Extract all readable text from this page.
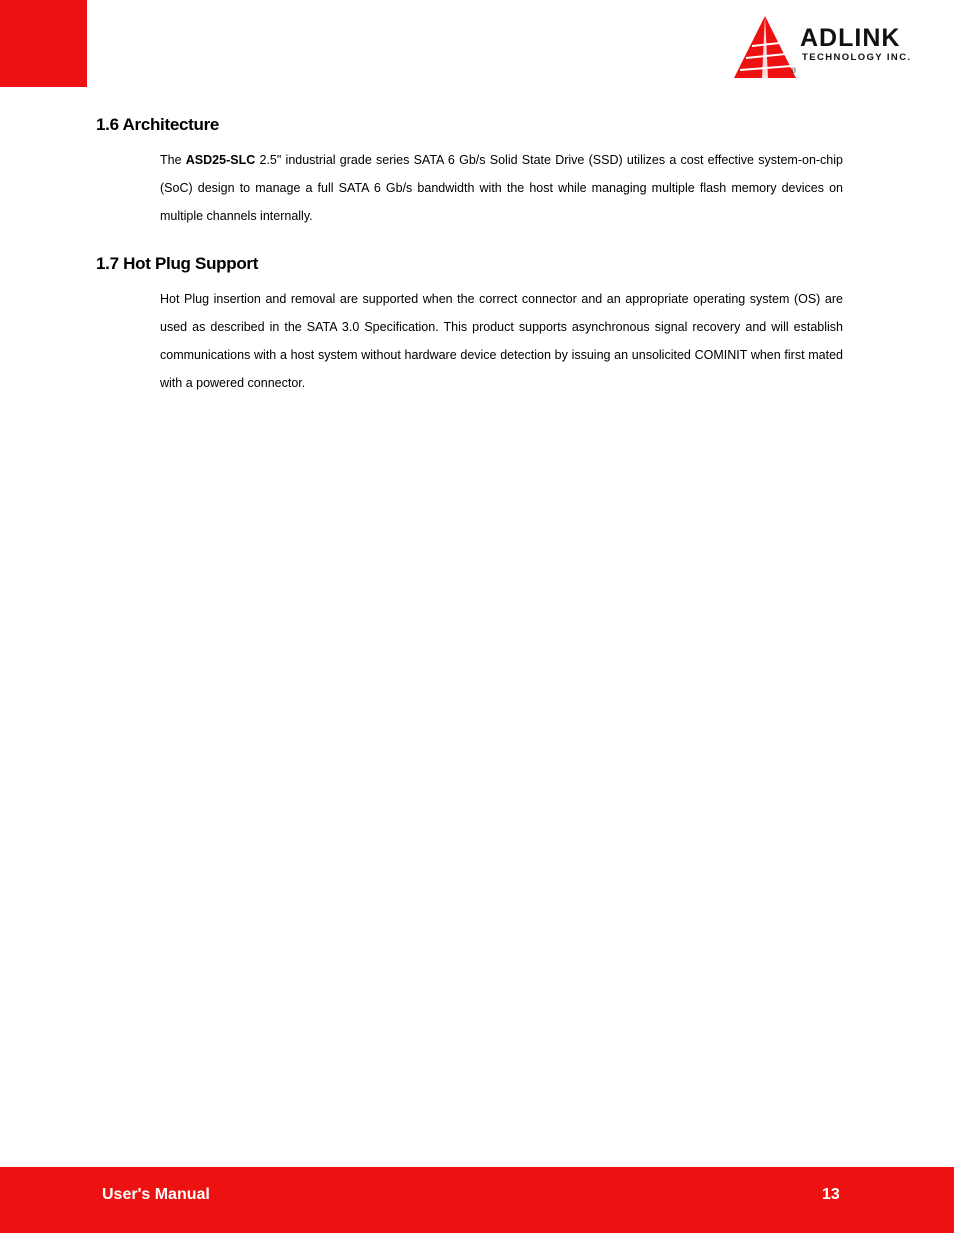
ADLINK
TECHNOLOGY INC.
®
1.6 Architecture

The ASD25-SLC 2.5" industrial grade series SATA 6 Gb/s Solid State Drive (SSD) utilizes a cost effective system-on-chip (SoC) design to manage a full SATA 6 Gb/s bandwidth with the host while managing multiple flash memory devices on multiple channels internally.

1.7 Hot Plug Support

Hot Plug insertion and removal are supported when the correct connector and an appropriate operating system (OS) are used as described in the SATA 3.0 Specification. This product supports asynchronous signal recovery and will establish communications with a host system without hardware device detection by issuing an unsolicited COMINIT when first mated with a powered connector.

User's Manual	13
